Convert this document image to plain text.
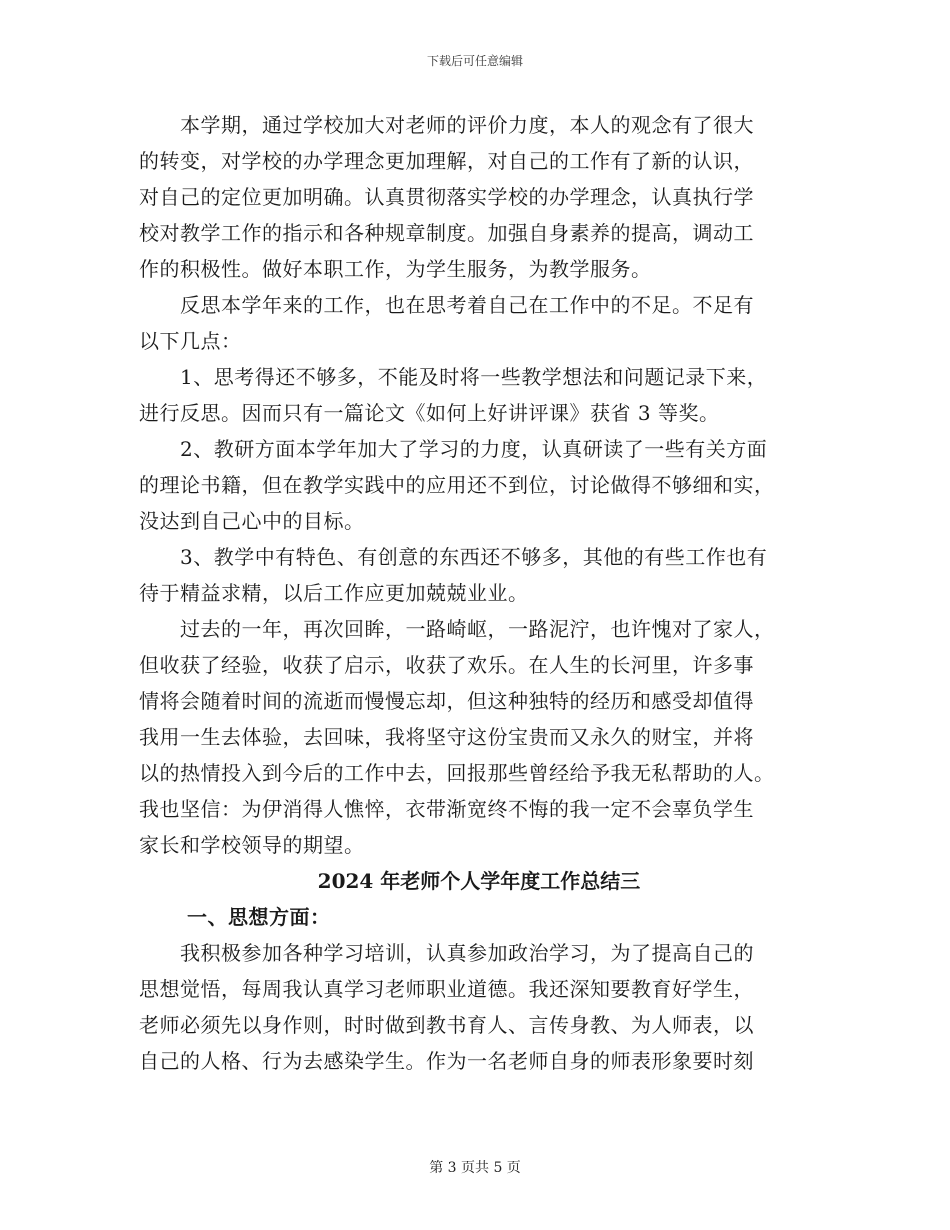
下载后可任意编辑
　　本学期，通过学校加大对老师的评价力度，本人的观念有了很大
的转变，对学校的办学理念更加理解，对自己的工作有了新的认识，
对自己的定位更加明确。认真贯彻落实学校的办学理念，认真执行学
校对教学工作的指示和各种规章制度。加强自身素养的提高，调动工
作的积极性。做好本职工作，为学生服务，为教学服务。
　　反思本学年来的工作，也在思考着自己在工作中的不足。不足有
以下几点：
　　1、思考得还不够多，不能及时将一些教学想法和问题记录下来，
进行反思。因而只有一篇论文《如何上好讲评课》获省 3 等奖。
　　2、教研方面本学年加大了学习的力度，认真研读了一些有关方面
的理论书籍，但在教学实践中的应用还不到位，讨论做得不够细和实，
没达到自己心中的目标。
　　3、教学中有特色、有创意的东西还不够多，其他的有些工作也有
待于精益求精，以后工作应更加兢兢业业。
　　过去的一年，再次回眸，一路崎岖，一路泥泞，也许愧对了家人，
但收获了经验，收获了启示，收获了欢乐。在人生的长河里，许多事
情将会随着时间的流逝而慢慢忘却，但这种独特的经历和感受却值得
我用一生去体验，去回味，我将坚守这份宝贵而又永久的财宝，并将
以的热情投入到今后的工作中去，回报那些曾经给予我无私帮助的人。
我也坚信：为伊消得人憔悴，衣带渐宽终不悔的我一定不会辜负学生
家长和学校领导的期望。
2024 年老师个人学年度工作总结三
一、思想方面：
　　我积极参加各种学习培训，认真参加政治学习，为了提高自己的
思想觉悟，每周我认真学习老师职业道德。我还深知要教育好学生，
老师必须先以身作则，时时做到教书育人、言传身教、为人师表，以
自己的人格、行为去感染学生。作为一名老师自身的师表形象要时刻
第 3 页共 5 页
